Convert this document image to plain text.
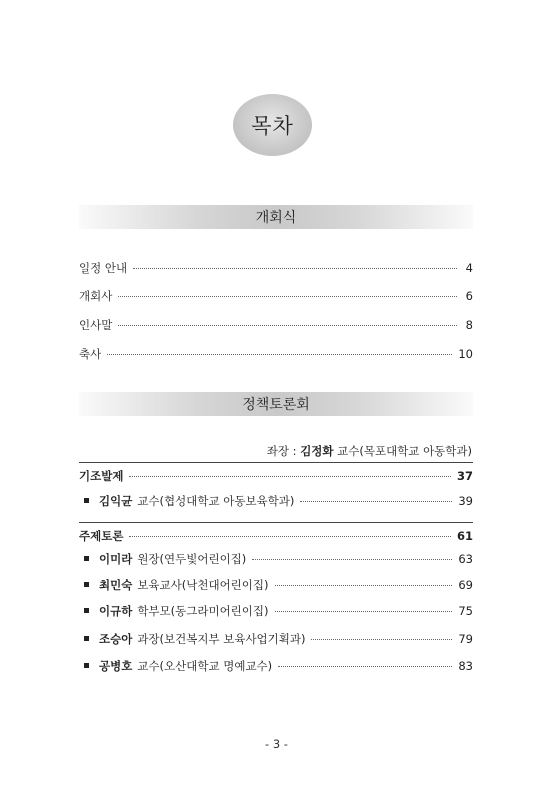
목차
개회식
일정 안내	4
개회사	6
인사말	8
축사	10
정책토론회
좌장 : 김정화 교수(목포대학교 아동학과)
기조발제	37
김익균 교수(협성대학교 아동보육학과)	39
주제토론	61
이미라 원장(연두빛어린이집)	63
최민숙 보육교사(낙천대어린이집)	69
이규하 학부모(동그라미어린이집)	75
조승아 과장(보건복지부 보육사업기획과)	79
공병호 교수(오산대학교 명예교수)	83
- 3 -
